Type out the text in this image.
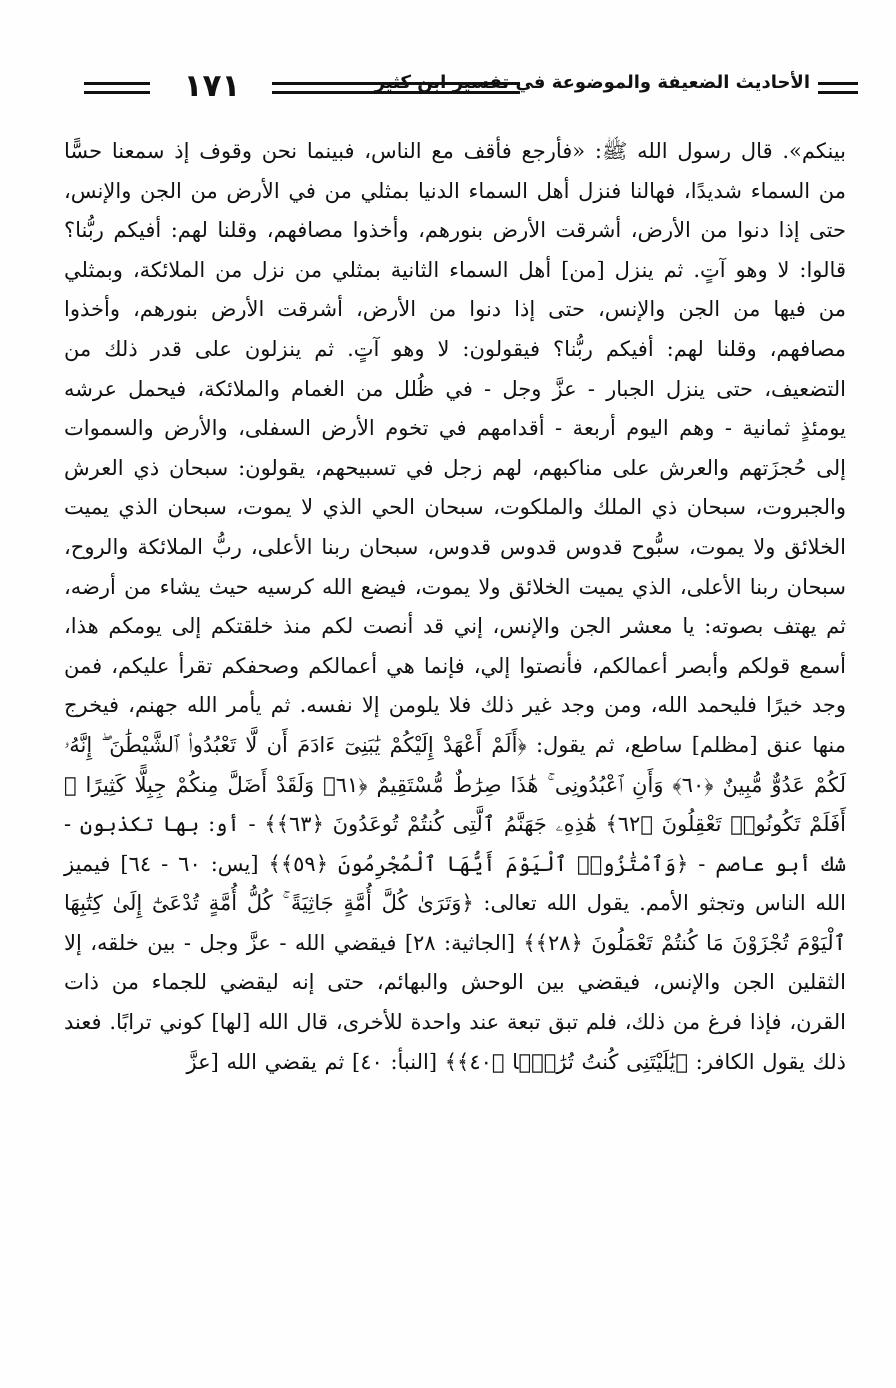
الأحاديث الضعيفة والموضوعة في تفسير ابن كثير
١٧١

بينكم». قال رسول الله ﷺ: «فأرجع فأقف مع الناس، فبينما نحن وقوف إذ سمعنا حسًّا من السماء شديدًا، فهالنا فنزل أهل السماء الدنيا بمثلي من في الأرض من الجن والإنس، حتى إذا دنوا من الأرض، أشرقت الأرض بنورهم، وأخذوا مصافهم، وقلنا لهم: أفيكم ربُّنا؟ قالوا: لا وهو آتٍ. ثم ينزل [من] أهل السماء الثانية بمثلي من نزل من الملائكة، وبمثلي من فيها من الجن والإنس، حتى إذا دنوا من الأرض، أشرقت الأرض بنورهم، وأخذوا مصافهم، وقلنا لهم: أفيكم ربُّنا؟ فيقولون: لا وهو آتٍ. ثم ينزلون على قدر ذلك من التضعيف، حتى ينزل الجبار - عزَّ وجل - في ظُلل من الغمام والملائكة، فيحمل عرشه يومئذٍ ثمانية - وهم اليوم أربعة - أقدامهم في تخوم الأرض السفلى، والأرض والسموات إلى حُجزَتهم والعرش على مناكبهم، لهم زجل في تسبيحهم، يقولون: سبحان ذي العرش والجبروت، سبحان ذي الملك والملكوت، سبحان الحي الذي لا يموت، سبحان الذي يميت الخلائق ولا يموت، سبُّوح قدوس قدوس قدوس، سبحان ربنا الأعلى، ربُّ الملائكة والروح، سبحان ربنا الأعلى، الذي يميت الخلائق ولا يموت، فيضع الله كرسيه حيث يشاء من أرضه، ثم يهتف بصوته: يا معشر الجن والإنس، إني قد أنصت لكم منذ خلقتكم إلى يومكم هذا، أسمع قولكم وأبصر أعمالكم، فأنصتوا إلي، فإنما هي أعمالكم وصحفكم تقرأ عليكم، فمن وجد خيرًا فليحمد الله، ومن وجد غير ذلك فلا يلومن إلا نفسه. ثم يأمر الله جهنم، فيخرج منها عنق [مظلم] ساطع، ثم يقول: ﴿أَلَمْ أَعْهَدْ إِلَيْكُمْ يَٰبَنِىٓ ءَادَمَ أَن لَّا تَعْبُدُوا۟ ٱلشَّيْطَٰنَ ۖ إِنَّهُۥ لَكُمْ عَدُوٌّ مُّبِينٌ ﴿٦٠﴾ وَأَنِ ٱعْبُدُونِى ۚ هَٰذَا صِرَٰطٌ مُّسْتَقِيمٌ ﴿٦١﴾ وَلَقَدْ أَضَلَّ مِنكُمْ جِبِلًّا كَثِيرًا ۖ أَفَلَمْ تَكُونُوا۟ تَعْقِلُونَ ﴿٦٢﴾ هَٰذِهِۦ جَهَنَّمُ ٱلَّتِى كُنتُمْ تُوعَدُونَ ﴿٦٣﴾﴾ - أو: بها تكذبون - شك أبو عاصم - ﴿وَٱمْتَٰزُوا۟ ٱلْيَوْمَ أَيُّهَا ٱلْمُجْرِمُونَ ﴿٥٩﴾﴾ [يس: ٦٠ - ٦٤] فيميز الله الناس وتجثو الأمم. يقول الله تعالى: ﴿وَتَرَىٰ كُلَّ أُمَّةٍ جَاثِيَةً ۚ كُلُّ أُمَّةٍ تُدْعَىٰٓ إِلَىٰ كِتَٰبِهَا ٱلْيَوْمَ تُجْزَوْنَ مَا كُنتُمْ تَعْمَلُونَ ﴿٢٨﴾﴾ [الجاثية: ٢٨] فيقضي الله - عزَّ وجل - بين خلقه، إلا الثقلين الجن والإنس، فيقضي بين الوحش والبهائم، حتى إنه ليقضي للجماء من ذات القرن، فإذا فرغ من ذلك، فلم تبق تبعة عند واحدة للأخرى، قال الله [لها] كوني ترابًا. فعند ذلك يقول الكافر: ﴿يَٰلَيْتَنِى كُنتُ تُرَٰبًۢا ﴿٤٠﴾﴾ [النبأ: ٤٠] ثم يقضي الله [عزَّ
